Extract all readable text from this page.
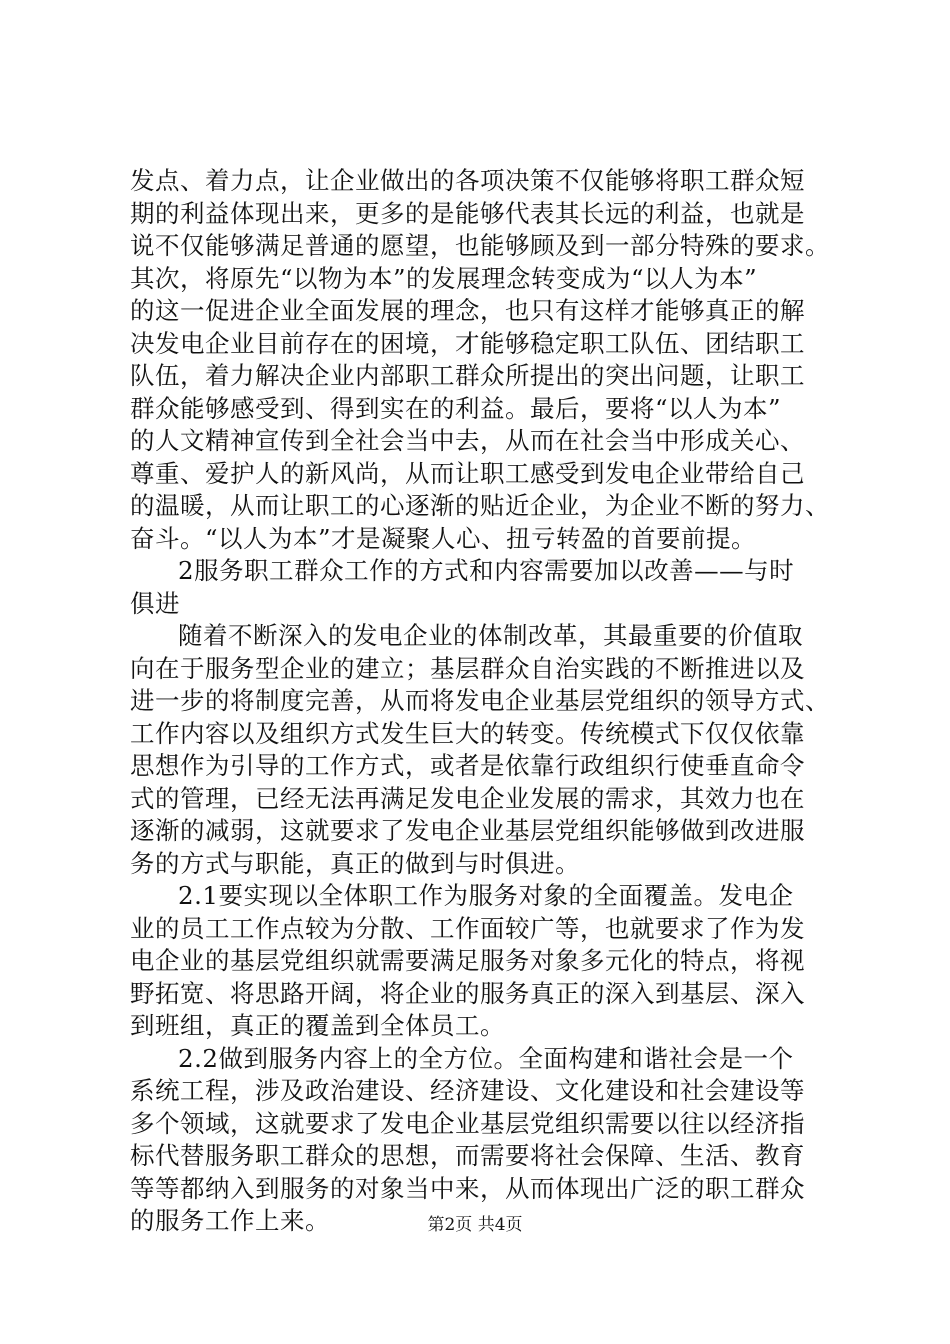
发点、着力点，让企业做出的各项决策不仅能够将职工群众短
期的利益体现出来，更多的是能够代表其长远的利益，也就是
说不仅能够满足普通的愿望，也能够顾及到一部分特殊的要求。
其次，将原先“以物为本”的发展理念转变成为“以人为本”
的这一促进企业全面发展的理念，也只有这样才能够真正的解
决发电企业目前存在的困境，才能够稳定职工队伍、团结职工
队伍，着力解决企业内部职工群众所提出的突出问题，让职工
群众能够感受到、得到实在的利益。最后，要将“以人为本”
的人文精神宣传到全社会当中去，从而在社会当中形成关心、
尊重、爱护人的新风尚，从而让职工感受到发电企业带给自己
的温暖，从而让职工的心逐渐的贴近企业，为企业不断的努力、
奋斗。“以人为本”才是凝聚人心、扭亏转盈的首要前提。
2服务职工群众工作的方式和内容需要加以改善——与时
俱进
随着不断深入的发电企业的体制改革，其最重要的价值取
向在于服务型企业的建立；基层群众自治实践的不断推进以及
进一步的将制度完善，从而将发电企业基层党组织的领导方式、
工作内容以及组织方式发生巨大的转变。传统模式下仅仅依靠
思想作为引导的工作方式，或者是依靠行政组织行使垂直命令
式的管理，已经无法再满足发电企业发展的需求，其效力也在
逐渐的减弱，这就要求了发电企业基层党组织能够做到改进服
务的方式与职能，真正的做到与时俱进。
2.1要实现以全体职工作为服务对象的全面覆盖。发电企
业的员工工作点较为分散、工作面较广等，也就要求了作为发
电企业的基层党组织就需要满足服务对象多元化的特点，将视
野拓宽、将思路开阔，将企业的服务真正的深入到基层、深入
到班组，真正的覆盖到全体员工。
2.2做到服务内容上的全方位。全面构建和谐社会是一个
系统工程，涉及政治建设、经济建设、文化建设和社会建设等
多个领域，这就要求了发电企业基层党组织需要以往以经济指
标代替服务职工群众的思想，而需要将社会保障、生活、教育
等等都纳入到服务的对象当中来，从而体现出广泛的职工群众
的服务工作上来。	第2页 共4页
